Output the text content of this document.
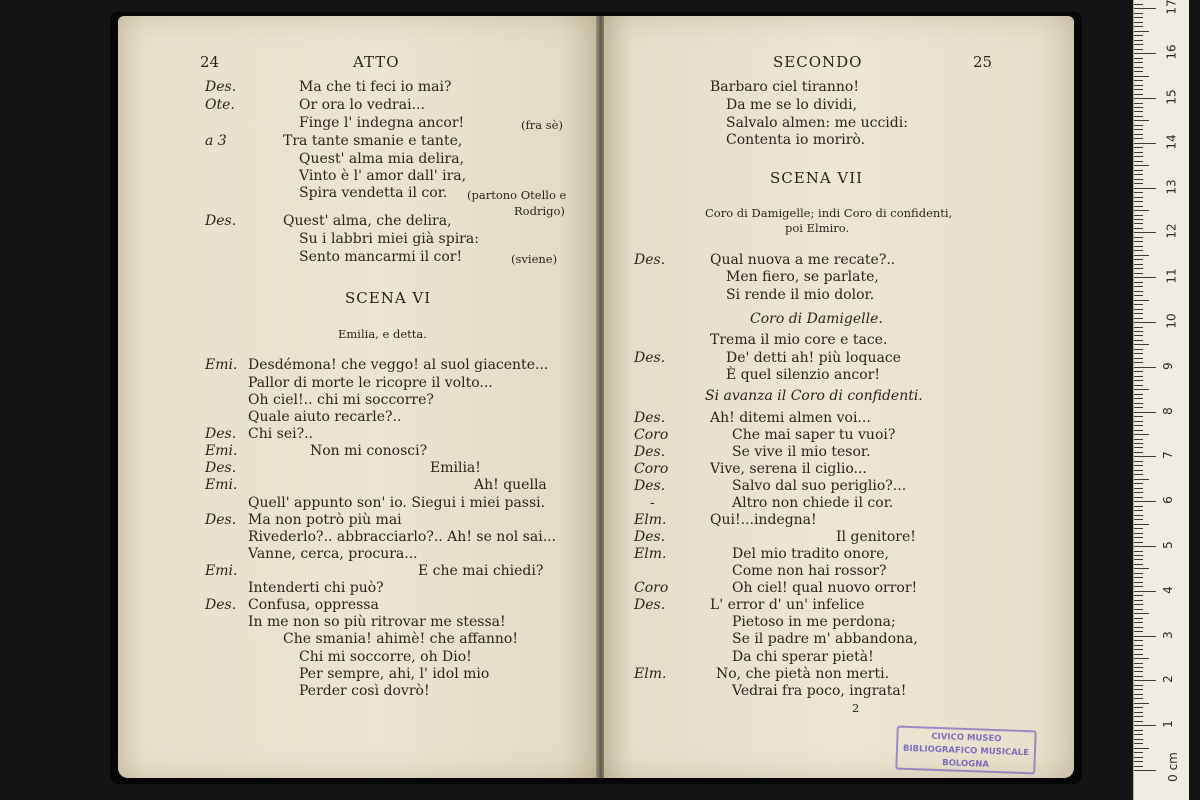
24	ATTO
Des.	Ma che ti feci io mai?
Ote.	Or ora lo vedrai...
Finge l' indegna ancor!	(fra sè)
a 3	Tra tante smanie e tante,
Quest' alma mia delira,
Vinto è l' amor dall' ira,
Spira vendetta il cor. (partono Otello e
Rodrigo)
Des.	Quest' alma, che delira,
Su i labbri miei già spira:
Sento mancarmi il cor!	(sviene)
SCENA VI
Emilia, e detta.
Emi. Desdémona! che veggo! al suol giacente...
Pallor di morte le ricopre il volto...
Oh ciel!.. chi mi soccorre?
Quale aiuto recarle?..
Des. Chi sei?..
Emi.	Non mi conosci?
Des.	Emilia!
Emi.	Ah! quella
Quell' appunto son' io. Siegui i miei passi.
Des. Ma non potrò più mai
Rivederlo?.. abbracciarlo?.. Ah! se nol sai...
Vanne, cerca, procura...
Emi.	E che mai chiedi?
Intenderti chi può?
Des. Confusa, oppressa
In me non so più ritrovar me stessa!
Che smania! ahimè! che affanno!
Chi mi soccorre, oh Dio!
Per sempre, ahi, l' idol mio
Perder così dovrò!
SECONDO	25
Barbaro ciel tiranno!
Da me se lo dividi,
Salvalo almen: me uccidi:
Contenta io morirò.
SCENA VII
Coro di Damigelle; indi Coro di confidenti,
poi Elmiro.
Des.	Qual nuova a me recate?..
Men fiero, se parlate,
Si rende il mio dolor.
Coro di Damigelle.
Trema il mio core e tace.
Des.	De' detti ah! più loquace
È quel silenzio ancor!
Si avanza il Coro di confidenti.
Des.	Ah! ditemi almen voi...
Coro	Che mai saper tu vuoi?
Des.	Se vive il mio tesor.
Coro	Vive, serena il ciglio...
Des.	Salvo dal suo periglio?...
-	Altro non chiede il cor.
Elm.	Qui!...indegna!
Des.	Il genitore!
Elm.	Del mio tradito onore,
Come non hai rossor?
Coro	Oh ciel! qual nuovo orror!
Des.	L' error d' un' infelice
Pietoso in me perdona;
Se il padre m' abbandona,
Da chi sperar pietà!
Elm.	No, che pietà non merti.
Vedrai fra poco, ingrata!
2
CIVICO MUSEO
BIBLIOGRAFICO MUSICALE
BOLOGNA	0 cm
1
2
3
4
5
6
7
8
9
10
11
12
13
14
15
16
17
